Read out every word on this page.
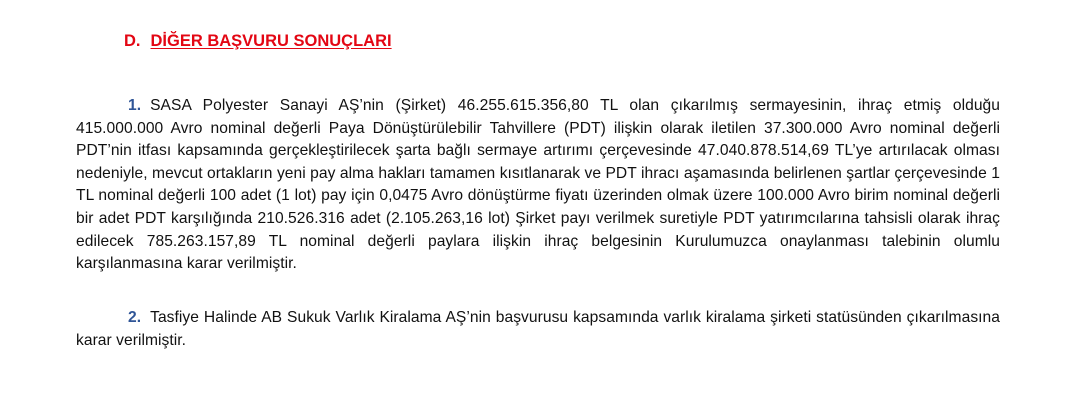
D. DİĞER BAŞVURU SONUÇLARI
1. SASA Polyester Sanayi AŞ’nin (Şirket) 46.255.615.356,80 TL olan çıkarılmış sermayesinin, ihraç etmiş olduğu 415.000.000 Avro nominal değerli Paya Dönüştürülebilir Tahvillere (PDT) ilişkin olarak iletilen 37.300.000 Avro nominal değerli PDT’nin itfası kapsamında gerçekleştirilecek şarta bağlı sermaye artırımı çerçevesinde 47.040.878.514,69 TL’ye artırılacak olması nedeniyle, mevcut ortakların yeni pay alma hakları tamamen kısıtlanarak ve PDT ihracı aşamasında belirlenen şartlar çerçevesinde 1 TL nominal değerli 100 adet (1 lot) pay için 0,0475 Avro dönüştürme fiyatı üzerinden olmak üzere 100.000 Avro birim nominal değerli bir adet PDT karşılığında 210.526.316 adet (2.105.263,16 lot) Şirket payı verilmek suretiyle PDT yatırımcılarına tahsisli olarak ihraç edilecek 785.263.157,89 TL nominal değerli paylara ilişkin ihraç belgesinin Kurulumuzca onaylanması talebinin olumlu karşılanmasına karar verilmiştir.
2. Tasfiye Halinde AB Sukuk Varlık Kiralama AŞ’nin başvurusu kapsamında varlık kiralama şirketi statüsünden çıkarılmasına karar verilmiştir.
